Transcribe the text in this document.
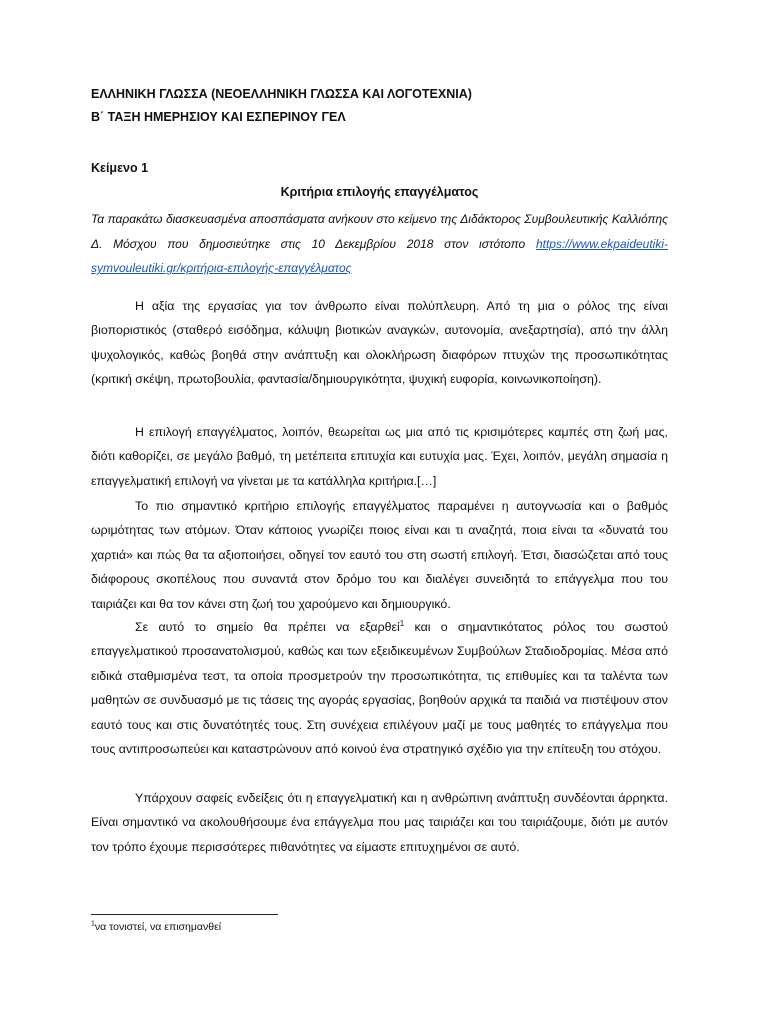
ΕΛΛΗΝΙΚΗ ΓΛΩΣΣΑ (ΝΕΟΕΛΛΗΝΙΚΗ ΓΛΩΣΣΑ ΚΑΙ ΛΟΓΟΤΕΧΝΙΑ)
Β΄ ΤΑΞΗ ΗΜΕΡΗΣΙΟΥ ΚΑΙ ΕΣΠΕΡΙΝΟΥ ΓΕΛ
Κείμενο 1
Κριτήρια επιλογής επαγγέλματος
Τα παρακάτω διασκευασμένα αποσπάσματα ανήκουν στο κείμενο της Διδάκτορος Συμβουλευτικής Καλλιόπης Δ. Μόσχου που δημοσιεύτηκε στις 10 Δεκεμβρίου 2018 στον ιστότοπο https://www.ekpaideutiki-symvouleutiki.gr/κριτήρια-επιλογής-επαγγέλματος

Η αξία της εργασίας για τον άνθρωπο είναι πολύπλευρη. Από τη μια ο ρόλος της είναι βιοποριστικός (σταθερό εισόδημα, κάλυψη βιοτικών αναγκών, αυτονομία, ανεξαρτησία), από την άλλη ψυχολογικός, καθώς βοηθά στην ανάπτυξη και ολοκλήρωση διαφόρων πτυχών της προσωπικότητας (κριτική σκέψη, πρωτοβουλία, φαντασία/δημιουργικότητα, ψυχική ευφορία, κοινωνικοποίηση).

Η επιλογή επαγγέλματος, λοιπόν, θεωρείται ως μια από τις κρισιμότερες καμπές στη ζωή μας, διότι καθορίζει, σε μεγάλο βαθμό, τη μετέπειτα επιτυχία και ευτυχία μας. Έχει, λοιπόν, μεγάλη σημασία η επαγγελματική επιλογή να γίνεται με τα κατάλληλα κριτήρια.[…]

Το πιο σημαντικό κριτήριο επιλογής επαγγέλματος παραμένει η αυτογνωσία και ο βαθμός ωριμότητας των ατόμων. Όταν κάποιος γνωρίζει ποιος είναι και τι αναζητά, ποια είναι τα «δυνατά του χαρτιά» και πώς θα τα αξιοποιήσει, οδηγεί τον εαυτό του στη σωστή επιλογή. Έτσι, διασώζεται από τους διάφορους σκοπέλους που συναντά στον δρόμο του και διαλέγει συνειδητά το επάγγελμα που του ταιριάζει και θα τον κάνει στη ζωή του χαρούμενο και δημιουργικό.

Σε αυτό το σημείο θα πρέπει να εξαρθεί$^1$ και ο σημαντικότατος ρόλος του σωστού επαγγελματικού προσανατολισμού, καθώς και των εξειδικευμένων Συμβούλων Σταδιοδρομίας. Μέσα από ειδικά σταθμισμένα τεστ, τα οποία προσμετρούν την προσωπικότητα, τις επιθυμίες και τα ταλέντα των μαθητών σε συνδυασμό με τις τάσεις της αγοράς εργασίας, βοηθούν αρχικά τα παιδιά να πιστέψουν στον εαυτό τους και στις δυνατότητές τους. Στη συνέχεια επιλέγουν μαζί με τους μαθητές το επάγγελμα που τους αντιπροσωπεύει και καταστρώνουν από κοινού ένα στρατηγικό σχέδιο για την επίτευξη του στόχου.

Υπάρχουν σαφείς ενδείξεις ότι η επαγγελματική και η ανθρώπινη ανάπτυξη συνδέονται άρρηκτα. Είναι σημαντικό να ακολουθήσουμε ένα επάγγελμα που μας ταιριάζει και του ταιριάζουμε, διότι με αυτόν τον τρόπο έχουμε περισσότερες πιθανότητες να είμαστε επιτυχημένοι σε αυτό.

$^1$να τονιστεί, να επισημανθεί
